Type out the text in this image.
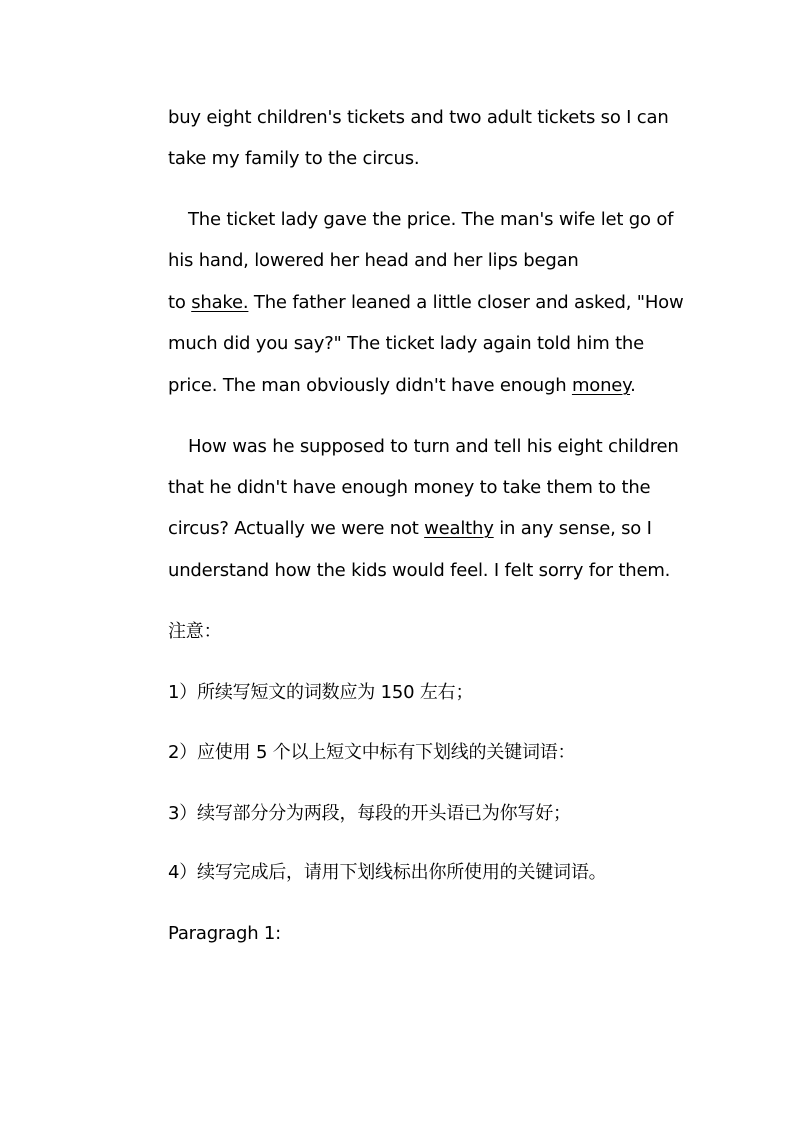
buy eight children's tickets and two adult tickets so I can
take my family to the circus.
The ticket lady gave the price. The man's wife let go of
his hand, lowered her head and her lips began
to shake. The father leaned a little closer and asked, "How
much did you say?" The ticket lady again told him the
price. The man obviously didn't have enough money.
How was he supposed to turn and tell his eight children
that he didn't have enough money to take them to the
circus? Actually we were not wealthy in any sense, so I
understand how the kids would feel. I felt sorry for them.
注意：
1）所续写短文的词数应为 150 左右；
2）应使用 5 个以上短文中标有下划线的关键词语：
3）续写部分分为两段，每段的开头语已为你写好；
4）续写完成后，请用下划线标出你所使用的关键词语。
Paragragh 1:
